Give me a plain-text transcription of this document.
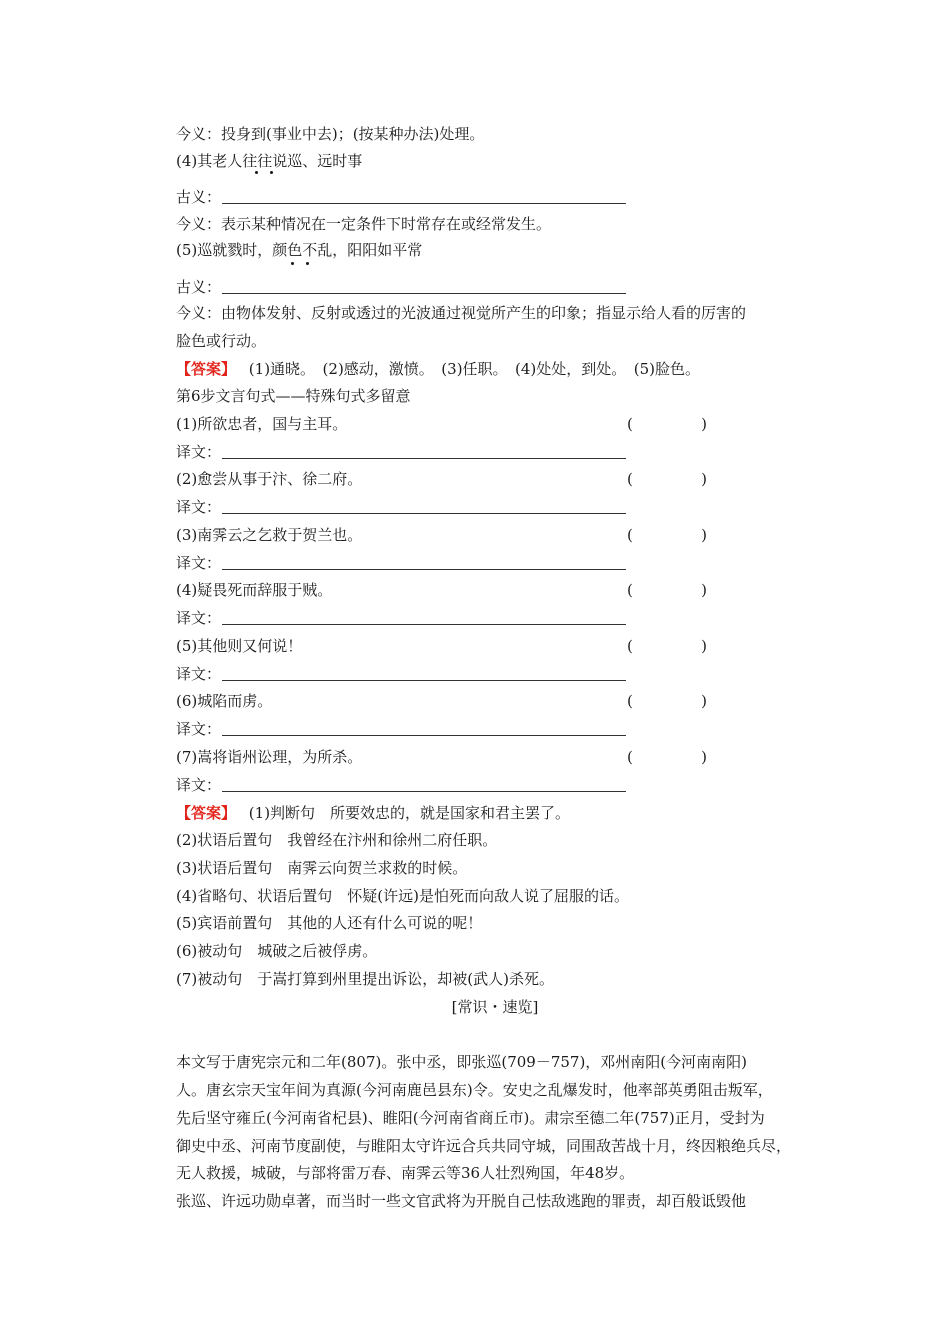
今义：投身到(事业中去)；(按某种办法)处理。
(4)其老人往往说巡、远时事
古义：
今义：表示某种情况在一定条件下时常存在或经常发生。
(5)巡就戮时，颜色不乱，阳阳如平常
古义：
今义：由物体发射、反射或透过的光波通过视觉所产生的印象；指显示给人看的厉害的
脸色或行动。
【答案】 (1)通晓。　(2)感动，激愤。　(3)任职。　(4)处处，到处。　(5)脸色。
第6步文言句式——特殊句式多留意
(1)所欲忠者，国与主耳。	(	)
译文：
(2)愈尝从事于汴、徐二府。	(	)
译文：
(3)南霁云之乞救于贺兰也。	(	)
译文：
(4)疑畏死而辞服于贼。	(	)
译文：
(5)其他则又何说！	(	)
译文：
(6)城陷而虏。	(	)
译文：
(7)嵩将诣州讼理，为所杀。	(	)
译文：
【答案】 (1)判断句　所要效忠的，就是国家和君主罢了。
(2)状语后置句　我曾经在汴州和徐州二府任职。
(3)状语后置句　南霁云向贺兰求救的时候。
(4)省略句、状语后置句　怀疑(许远)是怕死而向敌人说了屈服的话。
(5)宾语前置句　其他的人还有什么可说的呢！
(6)被动句　城破之后被俘虏。
(7)被动句　于嵩打算到州里提出诉讼，却被(武人)杀死。
[常识・速览]
本文写于唐宪宗元和二年(807)。张中丞，即张巡(709－757)，邓州南阳(今河南南阳)
人。唐玄宗天宝年间为真源(今河南鹿邑县东)令。安史之乱爆发时，他率部英勇阻击叛军，
先后坚守雍丘(今河南省杞县)、睢阳(今河南省商丘市)。肃宗至德二年(757)正月，受封为
御史中丞、河南节度副使，与睢阳太守许远合兵共同守城，同围敌苦战十月，终因粮绝兵尽，
无人救援，城破，与部将雷万春、南霁云等36人壮烈殉国，年48岁。
张巡、许远功勋卓著，而当时一些文官武将为开脱自己怯敌逃跑的罪责，却百般诋毁他
